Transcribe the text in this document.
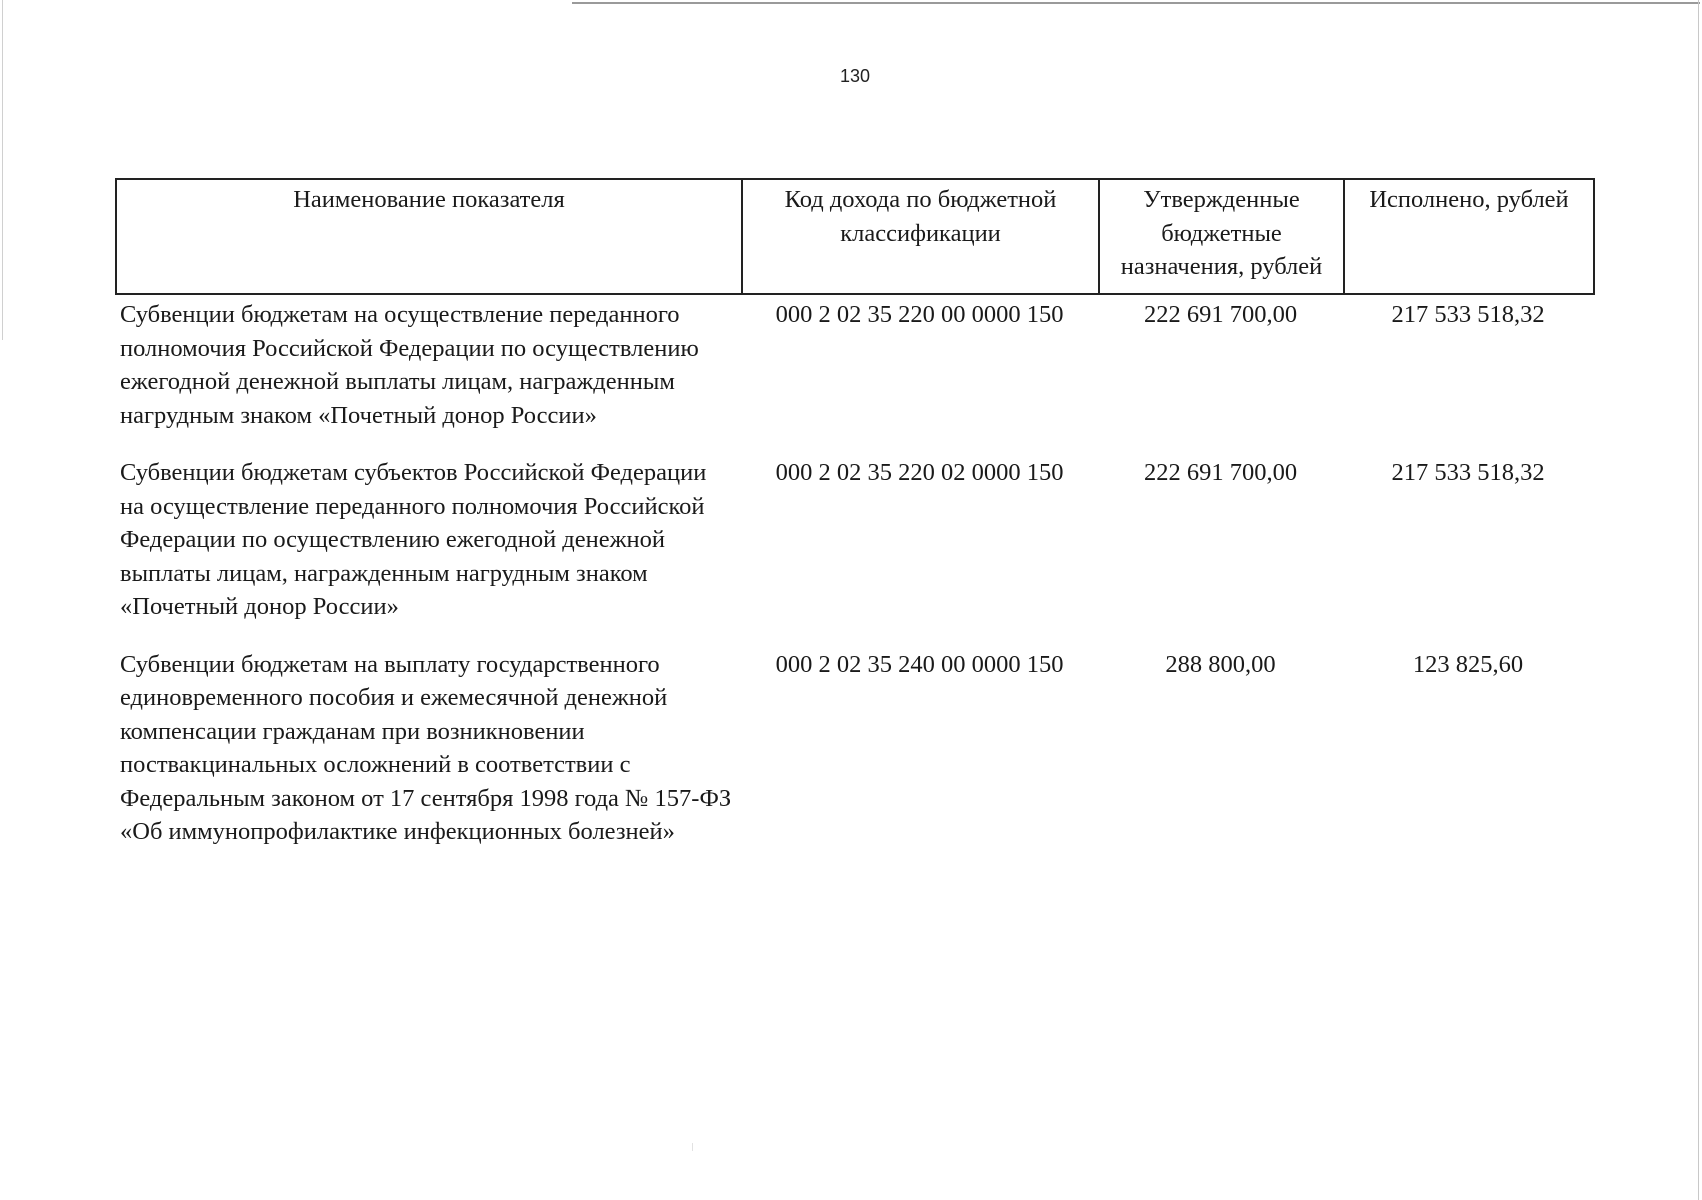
130
Наименование показателя	Код дохода по бюджетной классификации	Утвержденные бюджетные назначения, рублей	Исполнено, рублей
Субвенции бюджетам на осуществление переданного полномочия Российской Федерации по осуществлению ежегодной денежной выплаты лицам, награжденным нагрудным знаком «Почетный донор России»	000 2 02 35 220 00 0000 150	222 691 700,00	217 533 518,32
Субвенции бюджетам субъектов Российской Федерации на осуществление переданного полномочия Российской Федерации по осуществлению ежегодной денежной выплаты лицам, награжденным нагрудным знаком «Почетный донор России»	000 2 02 35 220 02 0000 150	222 691 700,00	217 533 518,32
Субвенции бюджетам на выплату государственного единовременного пособия и ежемесячной денежной компенсации гражданам при возникновении поствакцинальных осложнений в соответствии с Федеральным законом от 17 сентября 1998 года № 157-ФЗ «Об иммунопрофилактике инфекционных болезней»	000 2 02 35 240 00 0000 150	288 800,00	123 825,60
